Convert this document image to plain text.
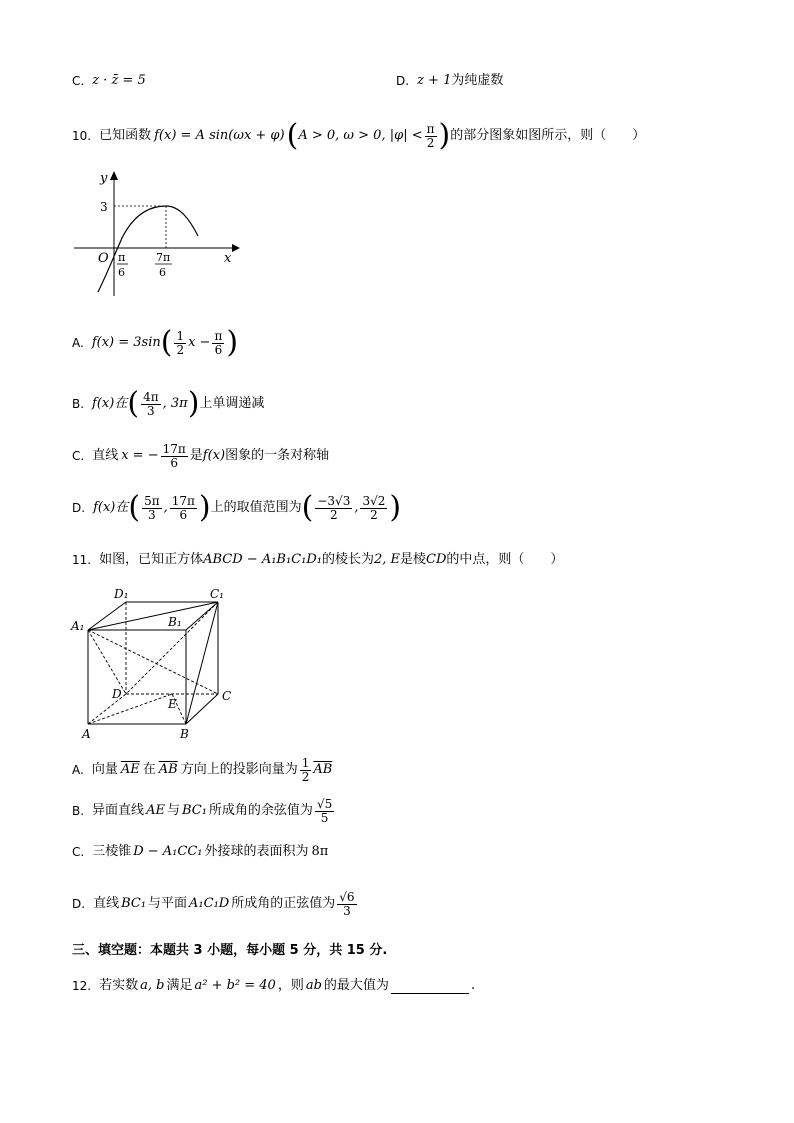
C. z · z̄ = 5	D. z + 1 为纯虚数
10. 已知函数 f(x) = A sin(ωx + φ) ( A > 0, ω > 0, $|\varphi| < \frac{\pi}{2}$ ) 的部分图象如图所示，则（　　）
y
x
O
3
π
6
7π
6
A. f(x) = 3sin ( $\frac{1}{2}$ $x - \frac{\pi}{6}$ )
B. f(x)在 ( $\frac{4\pi}{3}$ , 3π ) 上单调递减
C. 直线 x = − $\frac{17\pi}{6}$ 是 f(x) 图象的一条对称轴
D. f(x)在 ( $\frac{5\pi}{3}$ , $\frac{17\pi}{6}$ ) 上的取值范围为 ( $\frac{-3√3}{2}$ , $\frac{3√2}{2}$ )
11. 如图，已知正方体 ABCD − A₁B₁C₁D₁ 的棱长为 2, E 是棱 CD 的中点，则（　　）
D₁	C₁
A₁	B₁
D	C
E
A	B
A. 向量 $\overline{AE}$ 在 $\overline{AB}$ 方向上的投影向量为 $\frac{1}{2} \overline{AB}$
B. 异面直线 AE 与 BC₁ 所成角的余弦值为 $\frac{√5}{5}$
C. 三棱锥 D − A₁CC₁ 外接球的表面积为 8π
D. 直线 BC₁ 与平面 A₁C₁D 所成角的正弦值为 $\frac{√6}{3}$
三、填空题：本题共 3 小题，每小题 5 分，共 15 分.
12. 若实数 a, b 满足 a² + b² = 40 ，则 ab 的最大值为	.
